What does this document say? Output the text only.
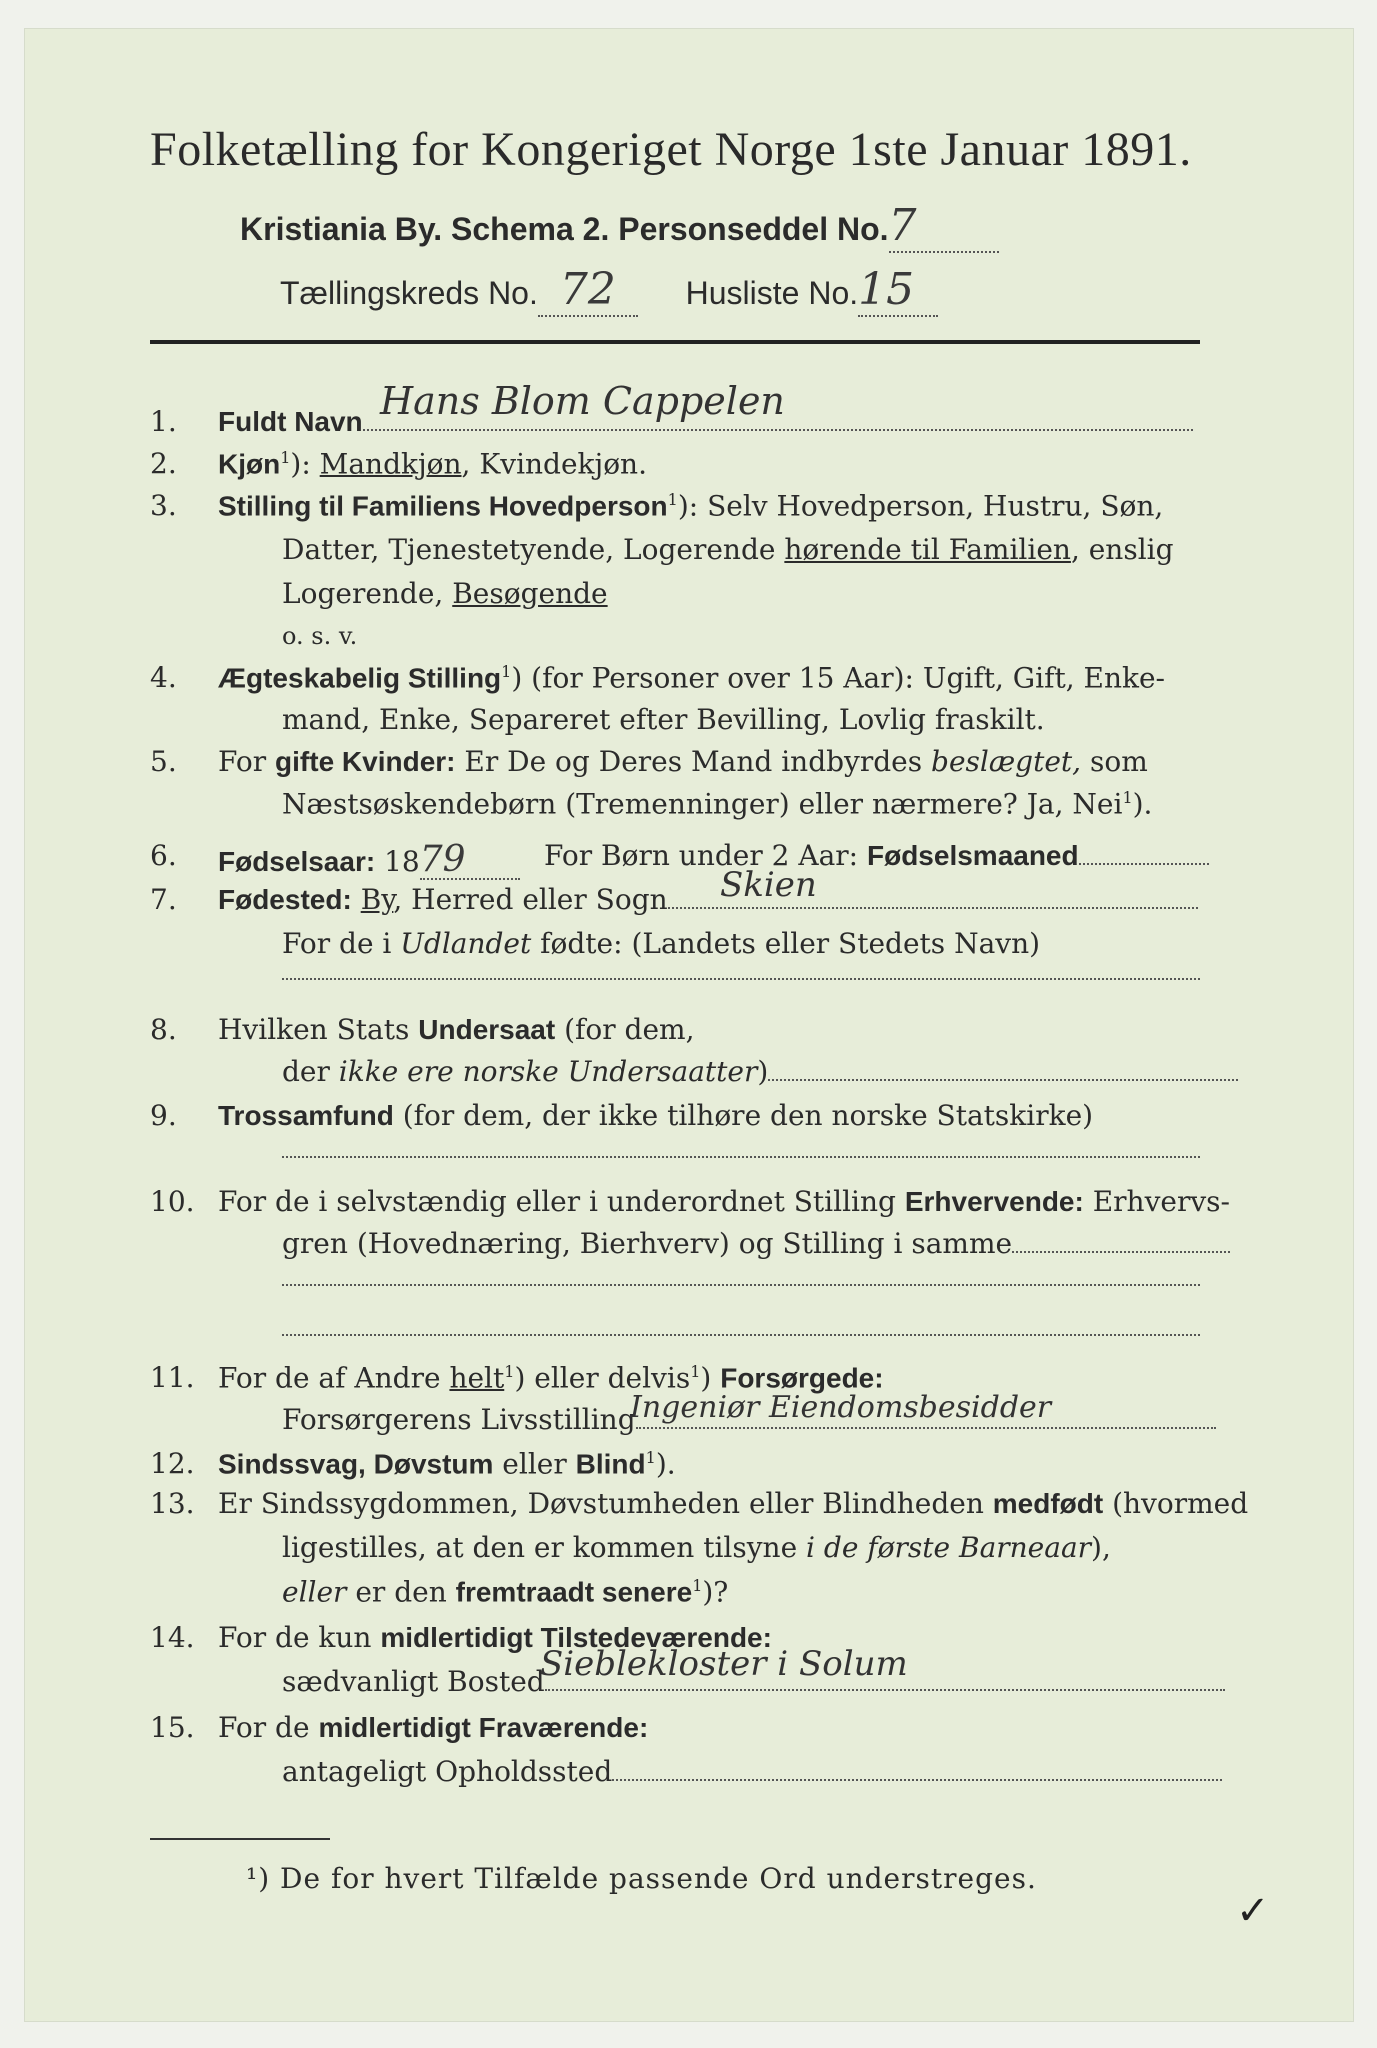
Folketælling for Kongeriget Norge 1ste Januar 1891.
Kristiania By. Schema 2. Personseddel No.7
Tællingskreds No. 72 Husliste No.15
1.	Fuldt Navn Hans Blom Cappelen
2.	Kjøn$^1$): Mandkjøn, Kvindekjøn.
3.	Stilling til Familiens Hovedperson$^1$): Selv Hovedperson, Hustru, Søn,
Datter, Tjenestetyende, Logerende hørende til Familien, enslig
Logerende, Besøgende
o. s. v.
4.	Ægteskabelig Stilling$^1$) (for Personer over 15 Aar): Ugift, Gift, Enke-
mand, Enke, Separeret efter Bevilling, Lovlig fraskilt.
5.	For gifte Kvinder: Er De og Deres Mand indbyrdes beslægtet, som
Næstsøskendebørn (Tremenninger) eller nærmere? Ja, Nei$^1$).
6.	Fødselsaar: 1879	For Børn under 2 Aar: Fødselsmaaned
7.	Fødested: By, Herred eller Sogn	Skien
For de i Udlandet fødte: (Landets eller Stedets Navn)
8.	Hvilken Stats Undersaat (for dem,
der ikke ere norske Undersaatter)
9.	Trossamfund (for dem, der ikke tilhøre den norske Statskirke)
10. For de i selvstændig eller i underordnet Stilling Erhvervende: Erhvervs-
gren (Hovednæring, Bierhverv) og Stilling i samme
11. For de af Andre helt$^1$) eller delvis$^1$) Forsørgede:
Forsørgerens Livsstilling
Ingeniør Eiendomsbesidder
12. Sindssvag, Døvstum eller Blind$^1$).
13. Er Sindssygdommen, Døvstumheden eller Blindheden medfødt (hvormed
ligestilles, at den er kommen tilsyne i de første Barneaar),
eller er den fremtraadt senere$^1$)?
14. For de kun midlertidigt Tilstedeværende:
sædvanligt Bosted
Sieblekloster i Solum
15. For de midlertidigt Fraværende:
antageligt Opholdssted
¹) De for hvert Tilfælde passende Ord understreges.
✓
